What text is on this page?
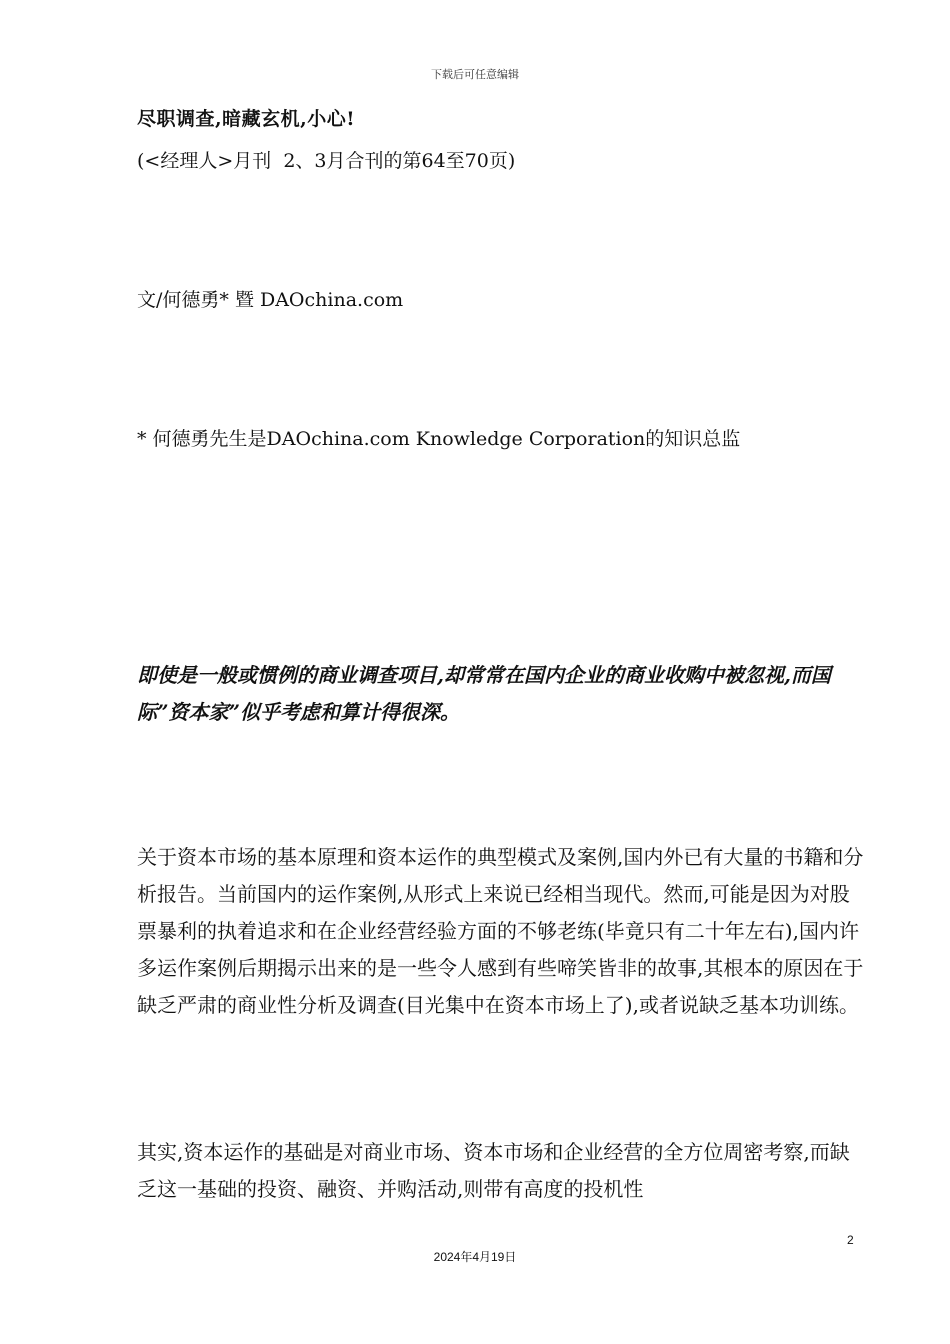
下载后可任意编辑
尽职调查,暗藏玄机,小心!
(<经理人>月刊  2、3月合刊的第64至70页)
文/何德勇* 暨 DAOchina.com
* 何德勇先生是DAOchina.com Knowledge Corporation的知识总监
即使是一般或惯例的商业调查项目,却常常在国内企业的商业收购中被忽视,而国际”资本家”似乎考虑和算计得很深。
关于资本市场的基本原理和资本运作的典型模式及案例,国内外已有大量的书籍和分析报告。当前国内的运作案例,从形式上来说已经相当现代。然而,可能是因为对股票暴利的执着追求和在企业经营经验方面的不够老练(毕竟只有二十年左右),国内许多运作案例后期揭示出来的是一些令人感到有些啼笑皆非的故事,其根本的原因在于缺乏严肃的商业性分析及调查(目光集中在资本市场上了),或者说缺乏基本功训练。
其实,资本运作的基础是对商业市场、资本市场和企业经营的全方位周密考察,而缺乏这一基础的投资、融资、并购活动,则带有高度的投机性
2
2024年4月19日
